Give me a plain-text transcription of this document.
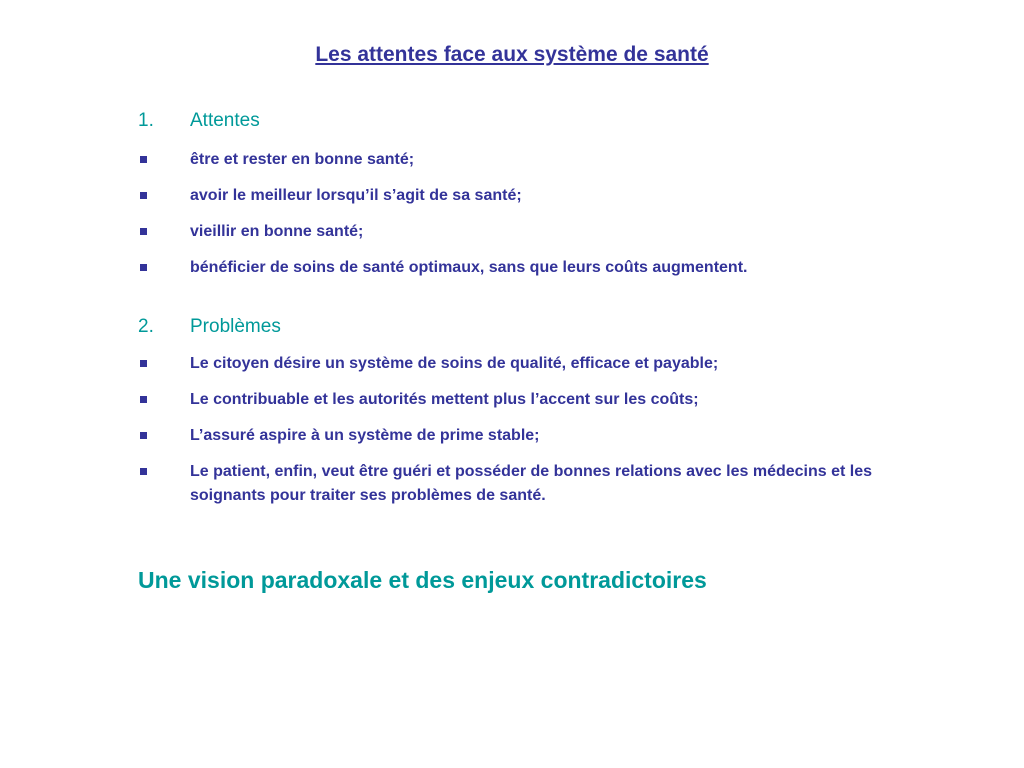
Les attentes face aux système de santé
1. Attentes
être et rester en bonne santé;
avoir le meilleur lorsqu’il s’agit de sa santé;
vieillir en bonne santé;
bénéficier de soins de santé optimaux, sans que leurs coûts augmentent.
2. Problèmes
Le citoyen désire un système de soins de qualité, efficace et payable;
Le contribuable et les autorités mettent plus l’accent sur les coûts;
L’assuré aspire à un système de prime stable;
Le patient, enfin, veut être guéri et posséder de bonnes relations avec les médecins et les soignants pour traiter ses problèmes de santé.
Une vision paradoxale et des enjeux contradictoires
